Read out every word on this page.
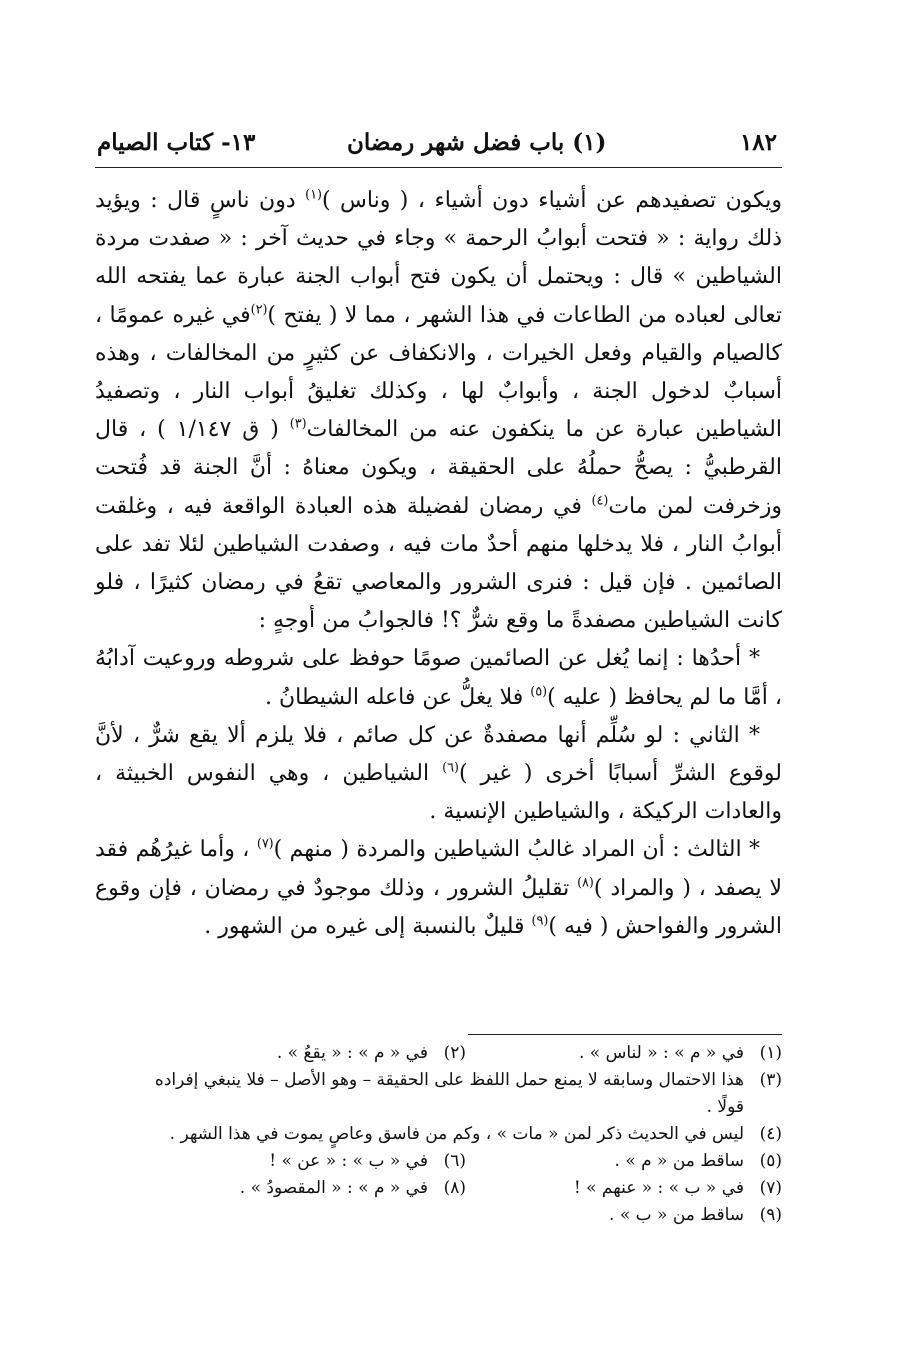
١٨٢
(١) باب فضل شهر رمضان
١٣- كتاب الصيام

ويكون تصفيدهم عن أشياء دون أشياء ، ( وناس )$^{(١)}$ دون ناسٍ قال : ويؤيد ذلك رواية : « فتحت أبوابُ الرحمة » وجاء في حديث آخر : « صفدت مردة الشياطين » قال : ويحتمل أن يكون فتح أبواب الجنة عبارة عما يفتحه الله تعالى لعباده من الطاعات في هذا الشهر ، مما لا ( يفتح )$^{(٢)}$في غيره عمومًا ، كالصيام والقيام وفعل الخيرات ، والانكفاف عن كثيرٍ من المخالفات ، وهذه أسبابٌ لدخول الجنة ، وأبوابٌ لها ، وكذلك تغليقُ أبواب النار ، وتصفيدُ الشياطين عبارة عن ما ينكفون عنه من المخالفات$^{(٣)}$ ( ق ١/١٤٧ ) ، قال القرطبيُّ : يصحُّ حملُهُ على الحقيقة ، ويكون معناهُ : أنَّ الجنة قد فُتحت وزخرفت لمن مات$^{(٤)}$ في رمضان لفضيلة هذه العبادة الواقعة فيه ، وغلقت أبوابُ النار ، فلا يدخلها منهم أحدٌ مات فيه ، وصفدت الشياطين لئلا تفد على الصائمين . فإن قيل : فنرى الشرور والمعاصي تقعُ في رمضان كثيرًا ، فلو كانت الشياطين مصفدةً ما وقع شرٌّ ؟! فالجوابُ من أوجهٍ :

* أحدُها : إنما يُغل عن الصائمين صومًا حوفظ على شروطه وروعيت آدابُهُ ، أمَّا ما لم يحافظ ( عليه )$^{(٥)}$ فلا يغلُّ عن فاعله الشيطانُ .

* الثاني : لو سُلِّم أنها مصفدةٌ عن كل صائم ، فلا يلزم ألا يقع شرٌّ ، لأنَّ لوقوع الشرِّ أسبابًا أخرى ( غير )$^{(٦)}$ الشياطين ، وهي النفوس الخبيثة ، والعادات الركيكة ، والشياطين الإنسية .

* الثالث : أن المراد غالبُ الشياطين والمردة ( منهم )$^{(٧)}$ ، وأما غيرُهُم فقد لا يصفد ، ( والمراد )$^{(٨)}$ تقليلُ الشرور ، وذلك موجودٌ في رمضان ، فإن وقوع الشرور والفواحش ( فيه )$^{(٩)}$ قليلٌ بالنسبة إلى غيره من الشهور .

(١)في « م » : « لناس » .
(٢)في « م » : « يقعُ » .
(٣)هذا الاحتمال وسابقه لا يمنع حمل اللفظ على الحقيقة – وهو الأصل – فلا ينبغي إفراده
قولًا .
(٤)ليس في الحديث ذكر لمن « مات » ، وكم من فاسق وعاصٍ يموت في هذا الشهر .
(٥)ساقط من « م » .
(٦)في « ب » : « عن » !
(٧)في « ب » : « عنهم » !
(٨)في « م » : « المقصودُ » .
(٩)ساقط من « ب » .
